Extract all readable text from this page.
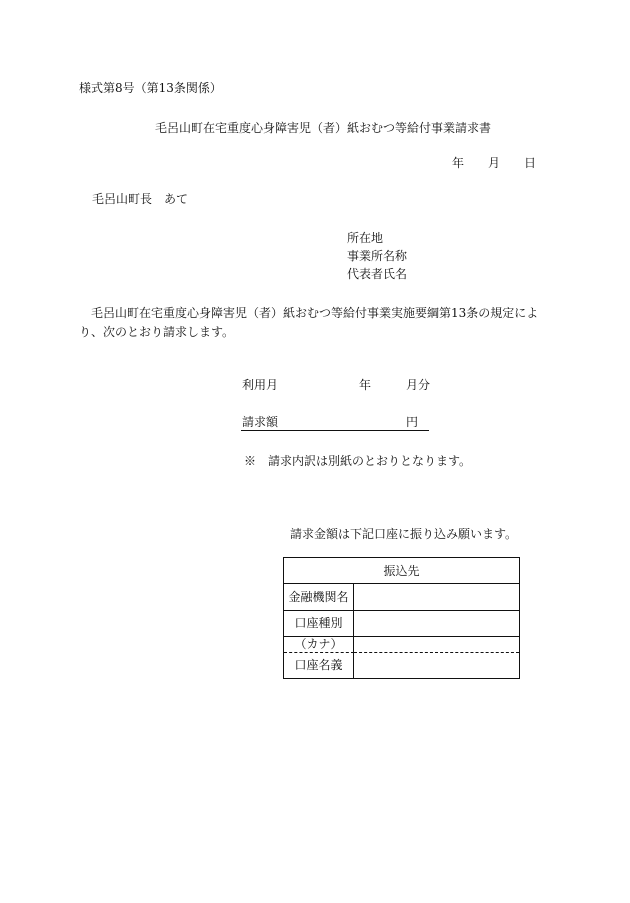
様式第8号（第13条関係）
毛呂山町在宅重度心身障害児（者）紙おむつ等給付事業請求書
年 月 日
毛呂山町長　あて
所在地
事業所名称
代表者氏名
毛呂山町在宅重度心身障害児（者）紙おむつ等給付事業実施要綱第13条の規定により、次のとおり請求します。
利用月	年	月分
請求額	円
※　請求内訳は別紙のとおりとなります。
請求金額は下記口座に振り込み願います。
振込先
金融機関名
口座種別
（カナ）
口座名義
